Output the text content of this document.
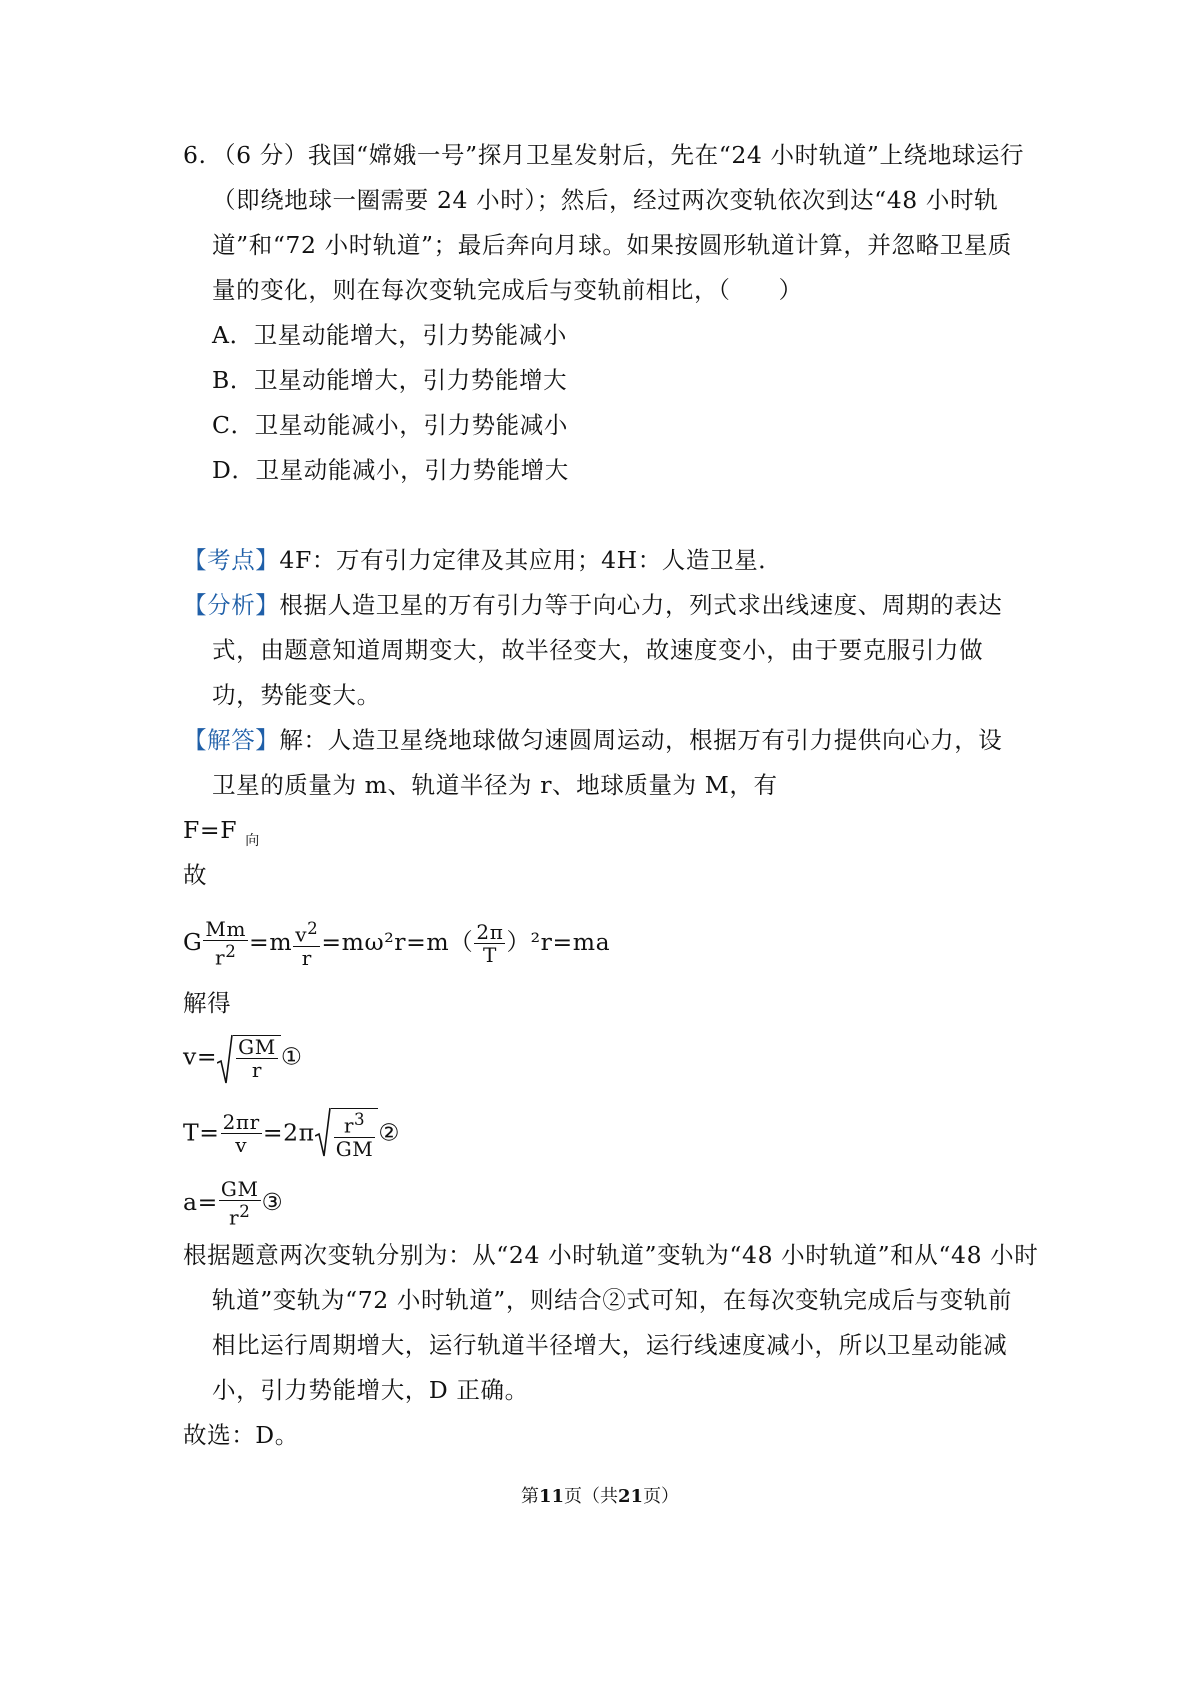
6. （6 分）我国“嫦娥一号”探月卫星发射后，先在“24 小时轨道”上绕地球运行
（即绕地球一圈需要 24 小时）；然后，经过两次变轨依次到达“48 小时轨
道”和“72 小时轨道”；最后奔向月球。如果按圆形轨道计算，并忽略卫星质
量的变化，则在每次变轨完成后与变轨前相比，（　　）
A．卫星动能增大，引力势能减小
B．卫星动能增大，引力势能增大
C．卫星动能减小，引力势能减小
D．卫星动能减小，引力势能增大
【考点】4F：万有引力定律及其应用；4H：人造卫星．
【分析】根据人造卫星的万有引力等于向心力，列式求出线速度、周期的表达
式，由题意知道周期变大，故半径变大，故速度变小，由于要克服引力做
功，势能变大。
【解答】解：人造卫星绕地球做匀速圆周运动，根据万有引力提供向心力，设
卫星的质量为 m、轨道半径为 r、地球质量为 M，有
F=F $_向$
故
G $\frac{Mm}{r^2} =m \frac{v^2}{r} =m\omega^2r=m( \frac{2\pi}{T} )^2r=ma$
解得
$v= \frac{GM}{r}$ ①
$T= \frac{2\pi r}{v} =2\pi \frac{r^3}{GM}$ ②
$a= \frac{GM}{r^2}$ ③
根据题意两次变轨分别为：从“24 小时轨道”变轨为“48 小时轨道”和从“48 小时
轨道”变轨为“72 小时轨道”，则结合②式可知，在每次变轨完成后与变轨前
相比运行周期增大，运行轨道半径增大，运行线速度减小，所以卫星动能减
小，引力势能增大，D 正确。
故选：D。
第11页（共21页）
